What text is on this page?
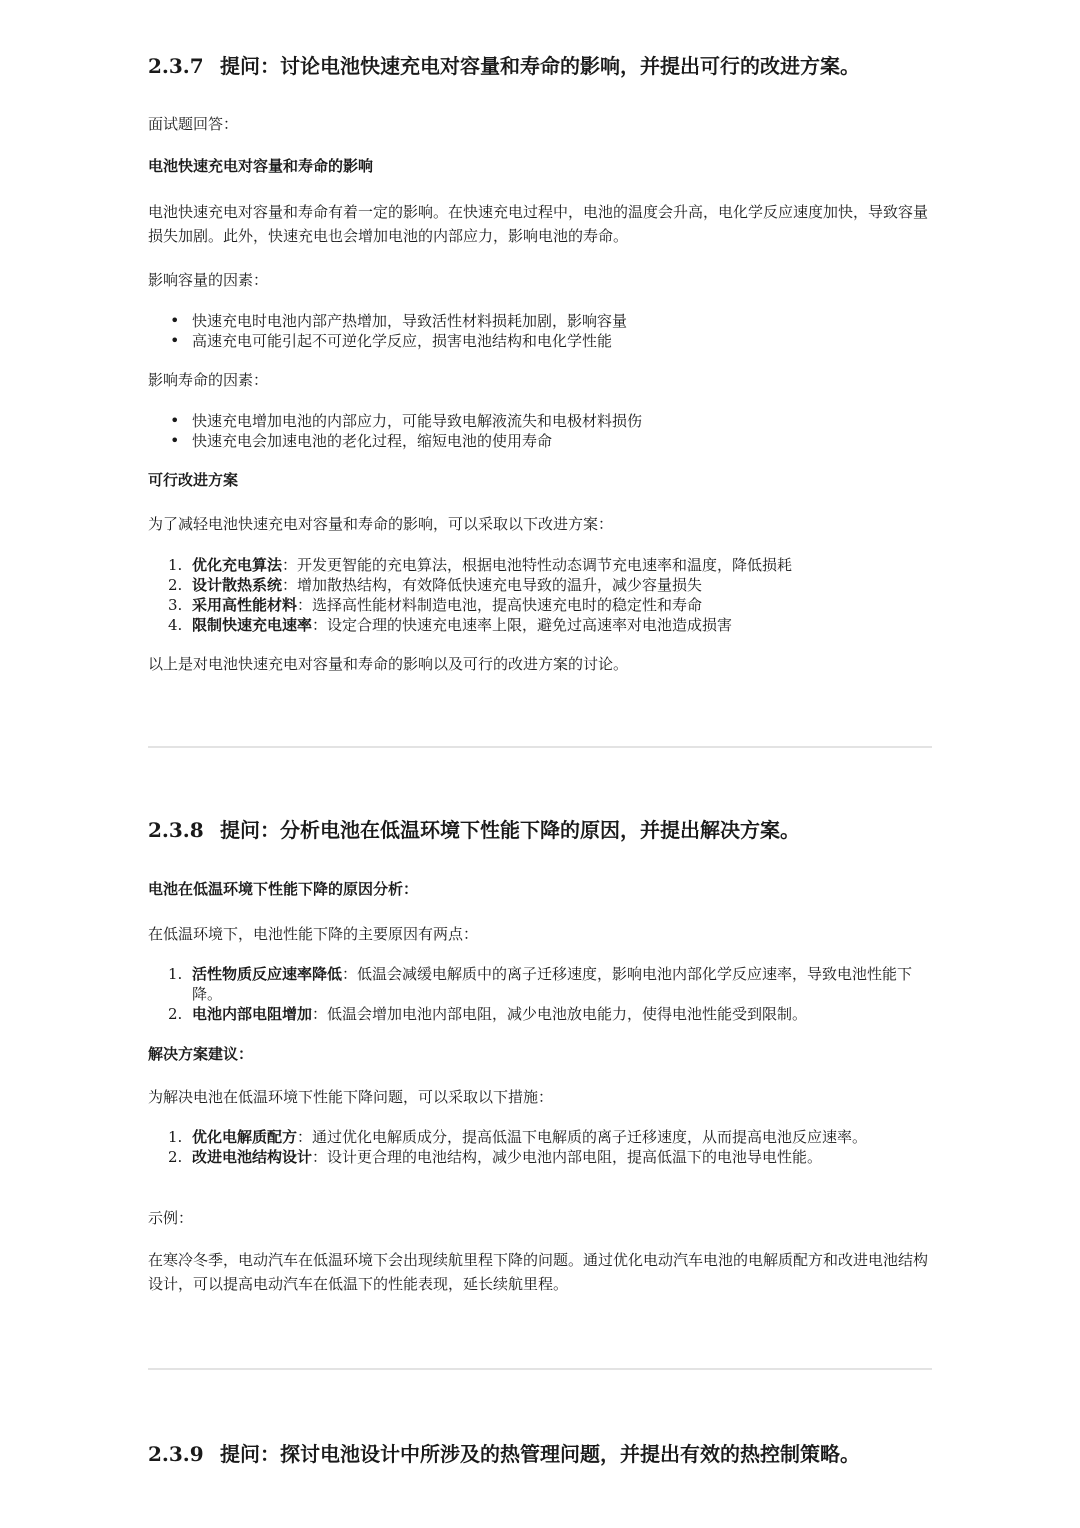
2.3.7 提问：讨论电池快速充电对容量和寿命的影响，并提出可行的改进方案。
面试题回答：
电池快速充电对容量和寿命的影响
电池快速充电对容量和寿命有着一定的影响。在快速充电过程中，电池的温度会升高，电化学反应速度加快，导致容量损失加剧。此外，快速充电也会增加电池的内部应力，影响电池的寿命。
影响容量的因素：
• 快速充电时电池内部产热增加，导致活性材料损耗加剧，影响容量
• 高速充电可能引起不可逆化学反应，损害电池结构和电化学性能
影响寿命的因素：
• 快速充电增加电池的内部应力，可能导致电解液流失和电极材料损伤
• 快速充电会加速电池的老化过程，缩短电池的使用寿命
可行改进方案
为了减轻电池快速充电对容量和寿命的影响，可以采取以下改进方案：
1. 优化充电算法：开发更智能的充电算法，根据电池特性动态调节充电速率和温度，降低损耗
2. 设计散热系统：增加散热结构，有效降低快速充电导致的温升，减少容量损失
3. 采用高性能材料：选择高性能材料制造电池，提高快速充电时的稳定性和寿命
4. 限制快速充电速率：设定合理的快速充电速率上限，避免过高速率对电池造成损害
以上是对电池快速充电对容量和寿命的影响以及可行的改进方案的讨论。
2.3.8 提问：分析电池在低温环境下性能下降的原因，并提出解决方案。
电池在低温环境下性能下降的原因分析：
在低温环境下，电池性能下降的主要原因有两点：
1. 活性物质反应速率降低：低温会减缓电解质中的离子迁移速度，影响电池内部化学反应速率，导致电池性能下降。
2. 电池内部电阻增加：低温会增加电池内部电阻，减少电池放电能力，使得电池性能受到限制。
解决方案建议：
为解决电池在低温环境下性能下降问题，可以采取以下措施：
1. 优化电解质配方：通过优化电解质成分，提高低温下电解质的离子迁移速度，从而提高电池反应速率。
2. 改进电池结构设计：设计更合理的电池结构，减少电池内部电阻，提高低温下的电池导电性能。
示例：
在寒冷冬季，电动汽车在低温环境下会出现续航里程下降的问题。通过优化电动汽车电池的电解质配方和改进电池结构设计，可以提高电动汽车在低温下的性能表现，延长续航里程。
2.3.9 提问：探讨电池设计中所涉及的热管理问题，并提出有效的热控制策略。
